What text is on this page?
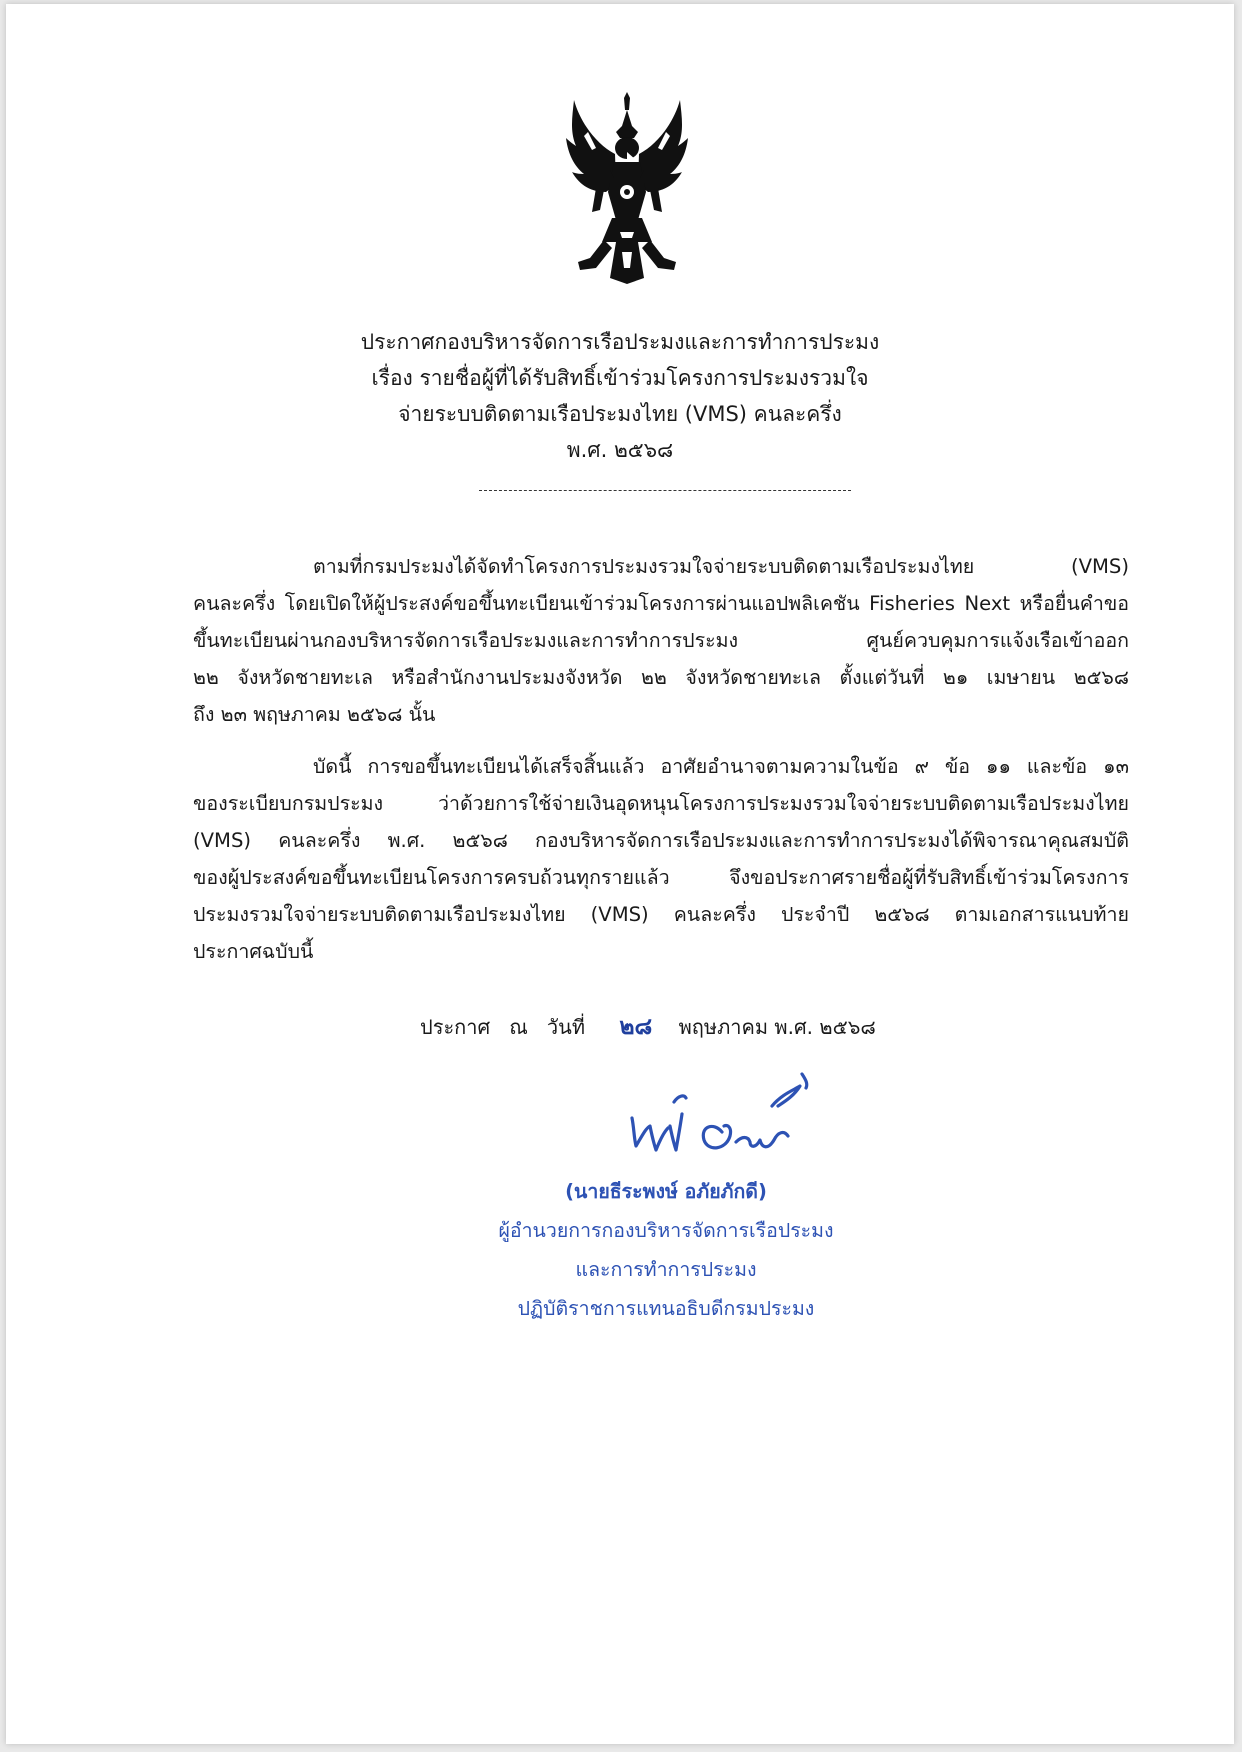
ประกาศกองบริหารจัดการเรือประมงและการทำการประมง
เรื่อง รายชื่อผู้ที่ได้รับสิทธิ์เข้าร่วมโครงการประมงรวมใจ
จ่ายระบบติดตามเรือประมงไทย (VMS) คนละครึ่ง
พ.ศ. ๒๕๖๘
ตามที่กรมประมงได้จัดทำโครงการประมงรวมใจจ่ายระบบติดตามเรือประมงไทย (VMS)
คนละครึ่ง โดยเปิดให้ผู้ประสงค์ขอขึ้นทะเบียนเข้าร่วมโครงการผ่านแอปพลิเคชัน Fisheries Next หรือยื่นคำขอ
ขึ้นทะเบียนผ่านกองบริหารจัดการเรือประมงและการทำการประมง ศูนย์ควบคุมการแจ้งเรือเข้าออก
๒๒ จังหวัดชายทะเล หรือสำนักงานประมงจังหวัด ๒๒ จังหวัดชายทะเล ตั้งแต่วันที่ ๒๑ เมษายน ๒๕๖๘
ถึง ๒๓ พฤษภาคม ๒๕๖๘ นั้น
บัดนี้ การขอขึ้นทะเบียนได้เสร็จสิ้นแล้ว อาศัยอำนาจตามความในข้อ ๙ ข้อ ๑๑ และข้อ ๑๓
ของระเบียบกรมประมง ว่าด้วยการใช้จ่ายเงินอุดหนุนโครงการประมงรวมใจจ่ายระบบติดตามเรือประมงไทย
(VMS) คนละครึ่ง พ.ศ. ๒๕๖๘ กองบริหารจัดการเรือประมงและการทำการประมงได้พิจารณาคุณสมบัติ
ของผู้ประสงค์ขอขึ้นทะเบียนโครงการครบถ้วนทุกรายแล้ว จึงขอประกาศรายชื่อผู้ที่รับสิทธิ์เข้าร่วมโครงการ
ประมงรวมใจจ่ายระบบติดตามเรือประมงไทย (VMS) คนละครึ่ง ประจำปี ๒๕๖๘ ตามเอกสารแนบท้าย
ประกาศฉบับนี้
ประกาศ   ณ   วันที่ ๒๘ พฤษภาคม พ.ศ. ๒๕๖๘
(นายธีระพงษ์ อภัยภักดี)
ผู้อำนวยการกองบริหารจัดการเรือประมง
และการทำการประมง
ปฏิบัติราชการแทนอธิบดีกรมประมง
